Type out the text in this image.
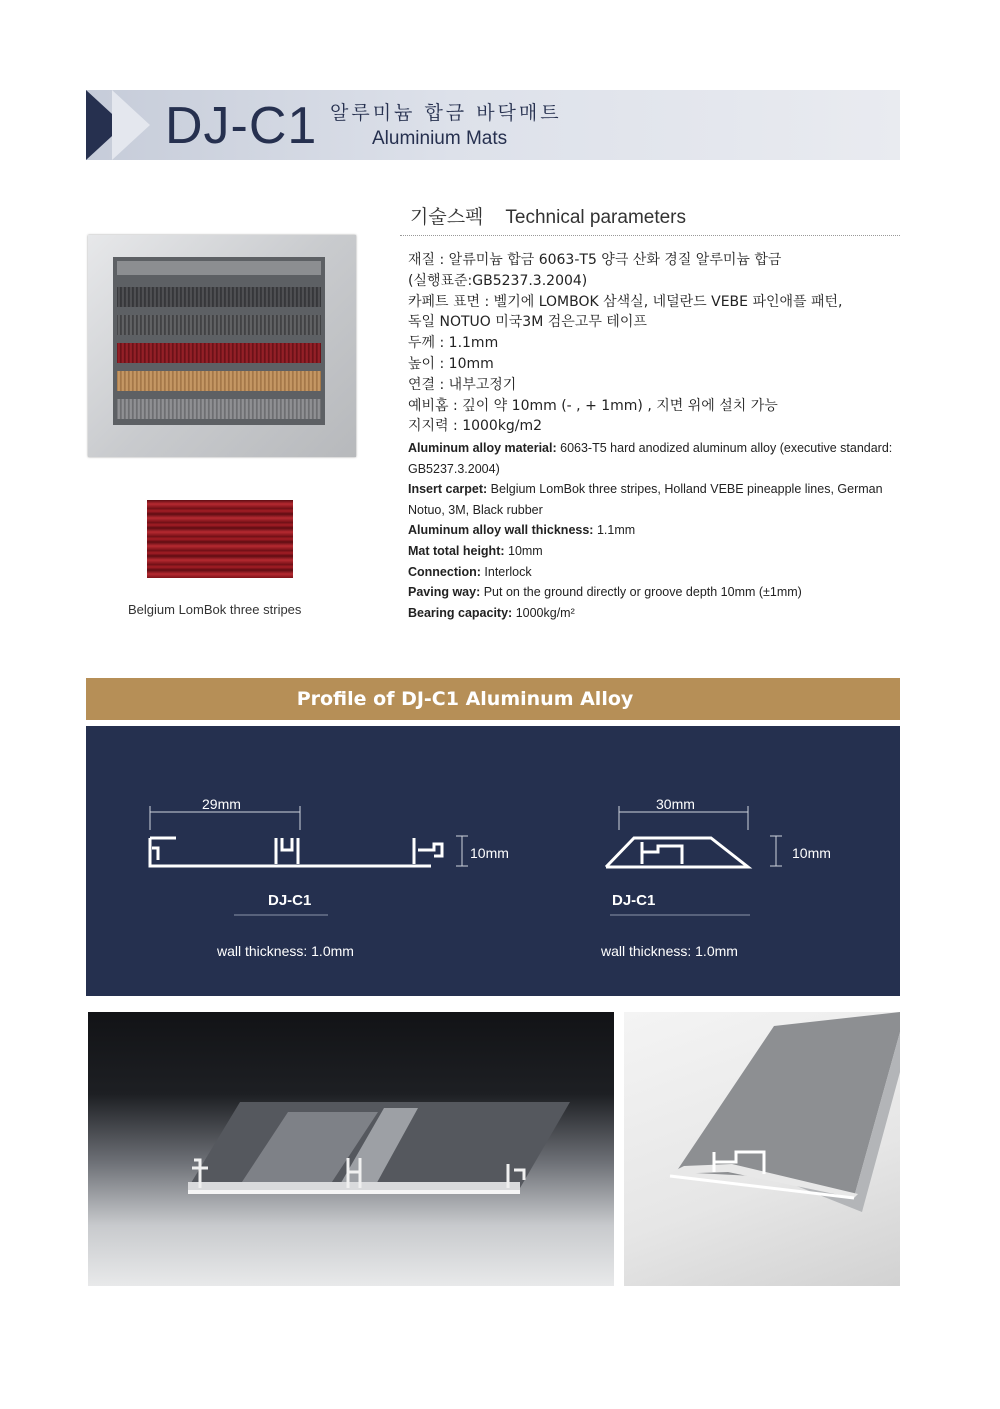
DJ-C1 알루미늄 합금 바닥매트
Aluminium Mats
기술스펙 Technical parameters
재질 : 알류미늄 합금 6063-T5 양극 산화 경질 알루미늄 합금
(실행표준:GB5237.3.2004)
카페트 표면 : 벨기에 LOMBOK 삼색실, 네덜란드 VEBE 파인애플 패턴,
독일 NOTUO 미국3M 검은고무 테이프
두께 : 1.1mm
높이 : 10mm
연결 : 내부고정기
예비홈 : 깊이 약 10mm (- , + 1mm) , 지면 위에 설치 가능
지지력 : 1000kg/m2
Aluminum alloy material: 6063-T5 hard anodized aluminum alloy (executive standard: GB5237.3.2004)
Insert carpet: Belgium LomBok three stripes, Holland VEBE pineapple lines, German Notuo, 3M, Black rubber
Aluminum alloy wall thickness: 1.1mm
Mat total height: 10mm
Connection: Interlock
Paving way: Put on the ground directly or groove depth 10mm (±1mm)
Bearing capacity: 1000kg/m²
Belgium LomBok three stripes
Profile of DJ-C1 Aluminum Alloy
29mm
10mm
DJ-C1
wall thickness: 1.0mm
30mm
10mm
DJ-C1
wall thickness: 1.0mm
